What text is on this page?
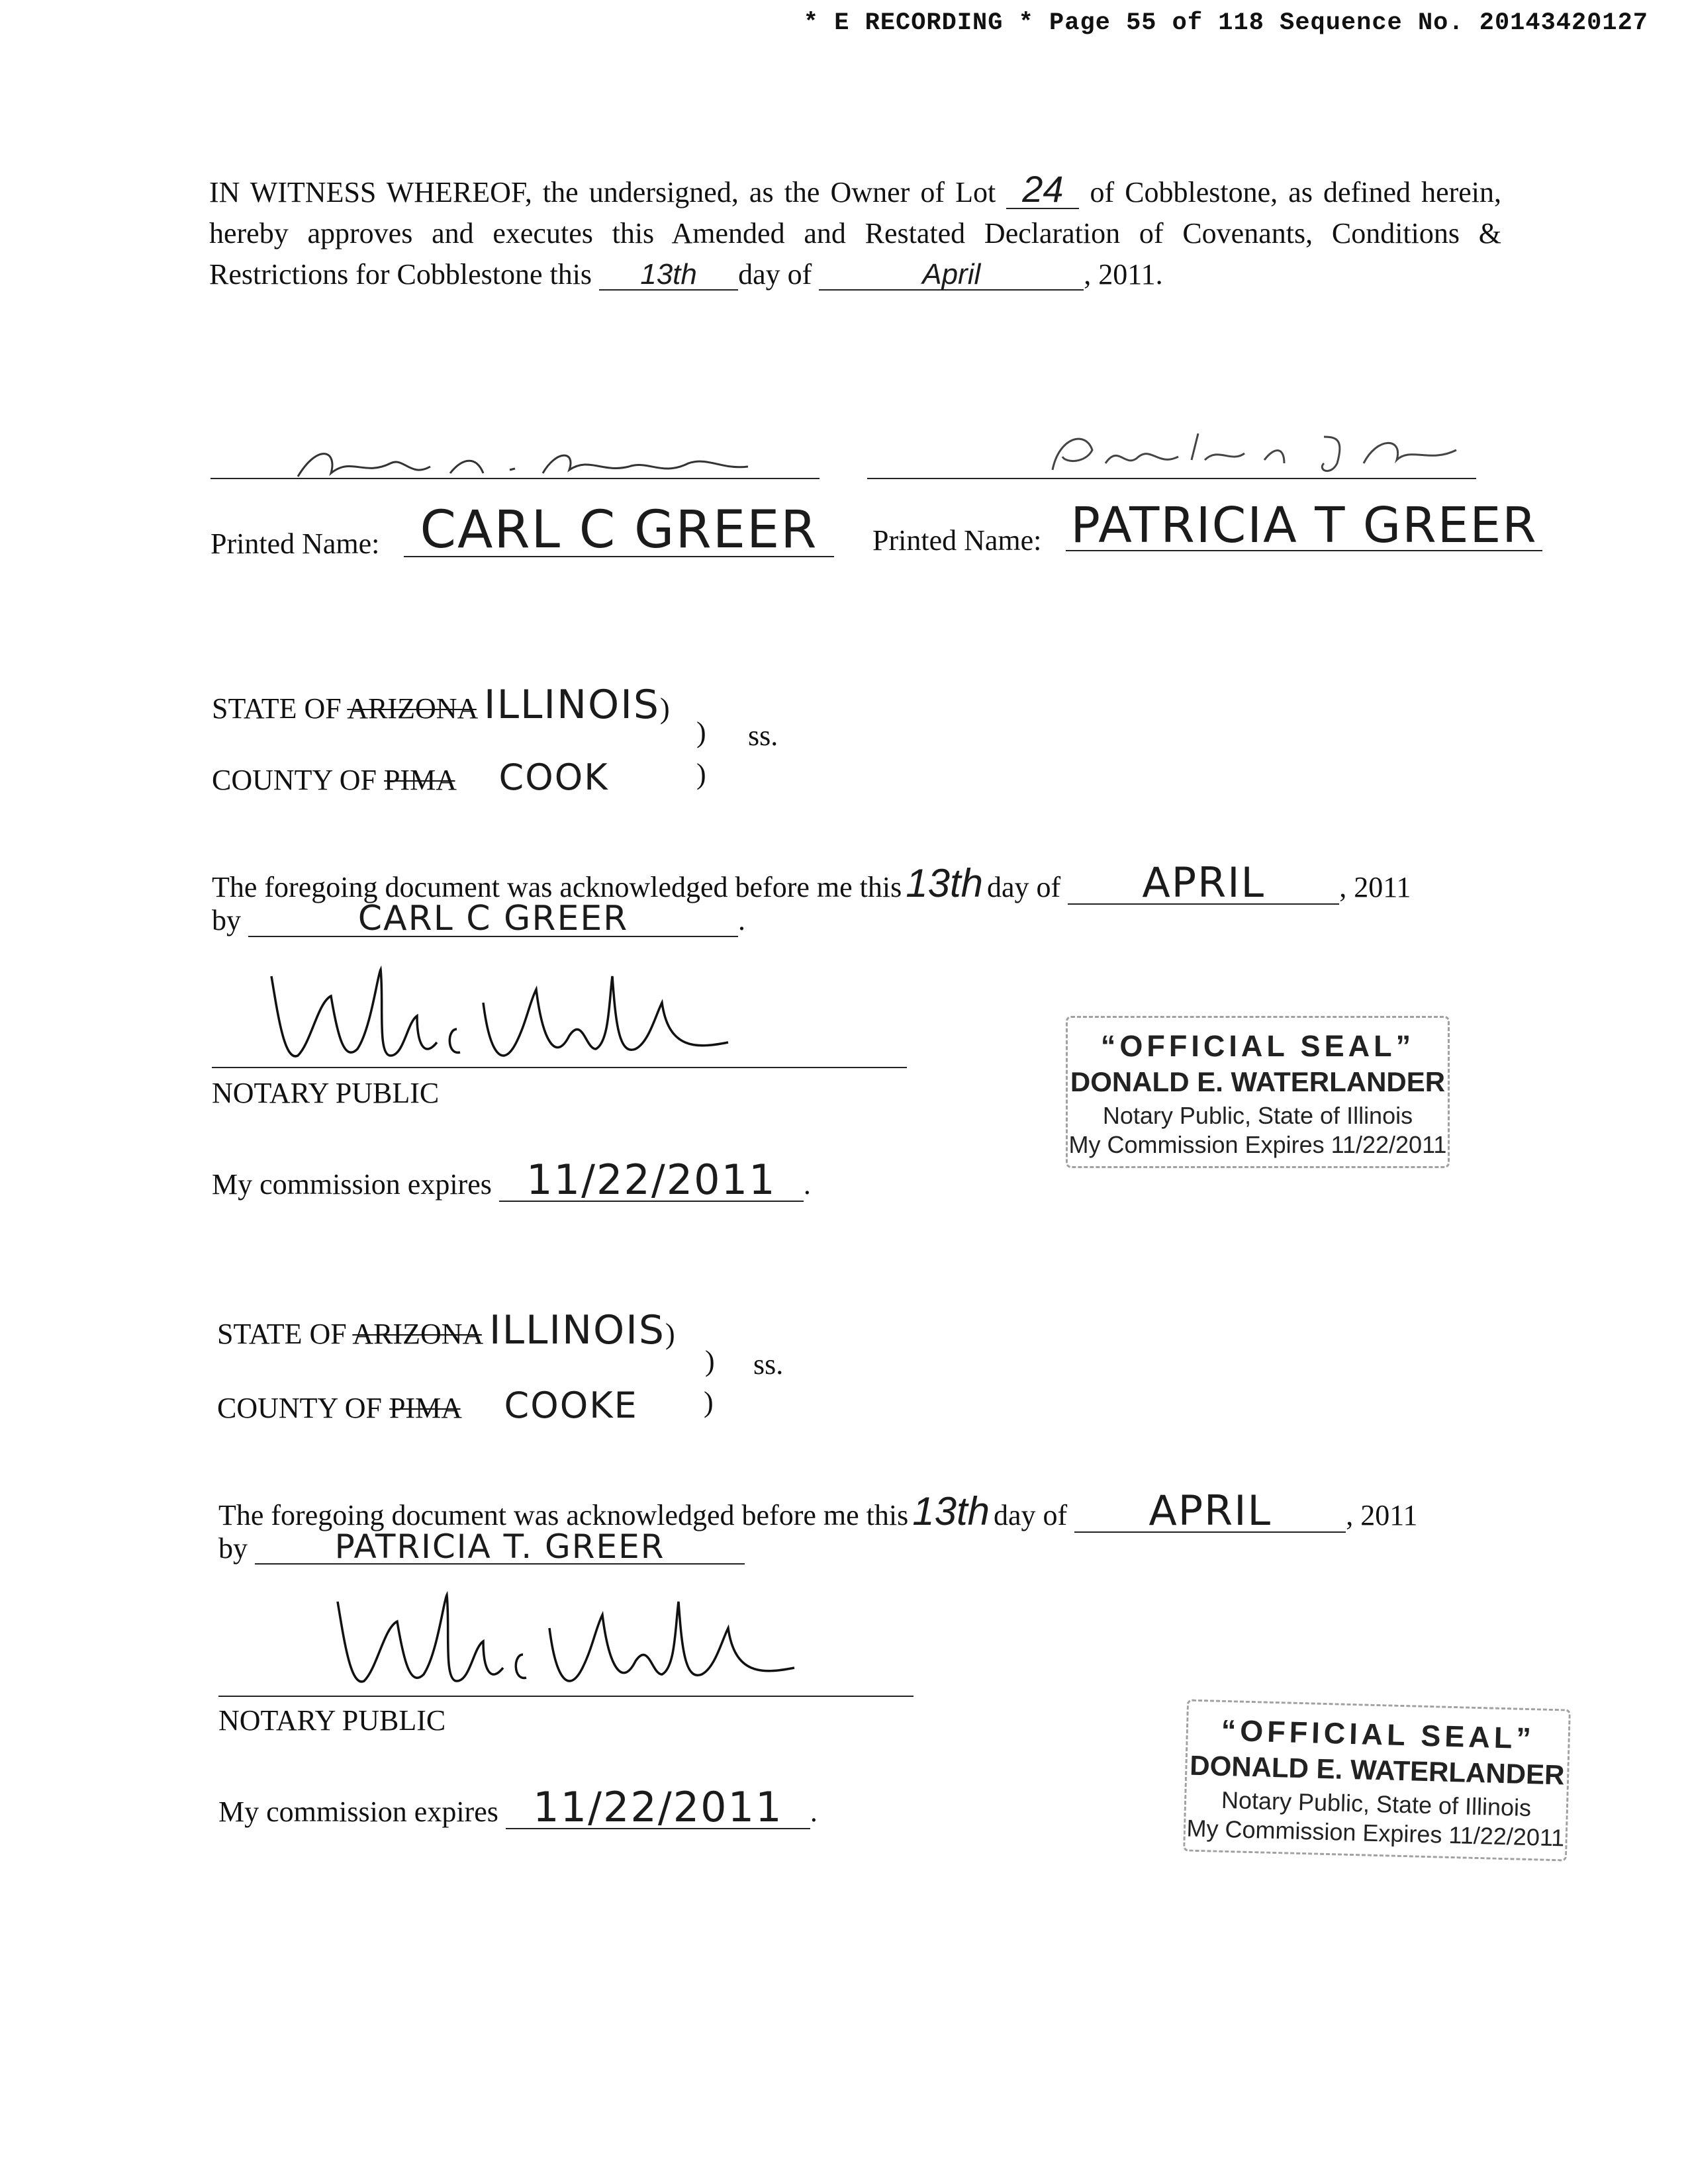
* E RECORDING * Page 55 of 118 Sequence No. 20143420127
IN WITNESS WHEREOF, the undersigned, as the Owner of Lot 24 of Cobblestone, as defined herein, hereby approves and executes this Amended and Restated Declaration of Covenants, Conditions & Restrictions for Cobblestone this 13th day of	April	, 2011.
Printed Name: CARL C GREER	Printed Name: PATRICIA T GREER
STATE OF ARIZONA ILLINOIS)
) ss.
COUNTY OF PIMA COOK	)
The foregoing document was acknowledged before me this 13th day of APRIL	, 2011
by	CARL C GREER	.
NOTARY PUBLIC
My commission expires 11/22/2011 .
“OFFICIAL SEAL”
DONALD E. WATERLANDER
Notary Public, State of Illinois
My Commission Expires 11/22/2011
STATE OF ARIZONA ILLINOIS)
) ss.
COUNTY OF PIMA COOKE )
The foregoing document was acknowledged before me this 13th day of APRIL	, 2011
by	PATRICIA T. GREER
NOTARY PUBLIC
My commission expires 11/22/2011 .
“OFFICIAL SEAL”
DONALD E. WATERLANDER
Notary Public, State of Illinois
My Commission Expires 11/22/2011
